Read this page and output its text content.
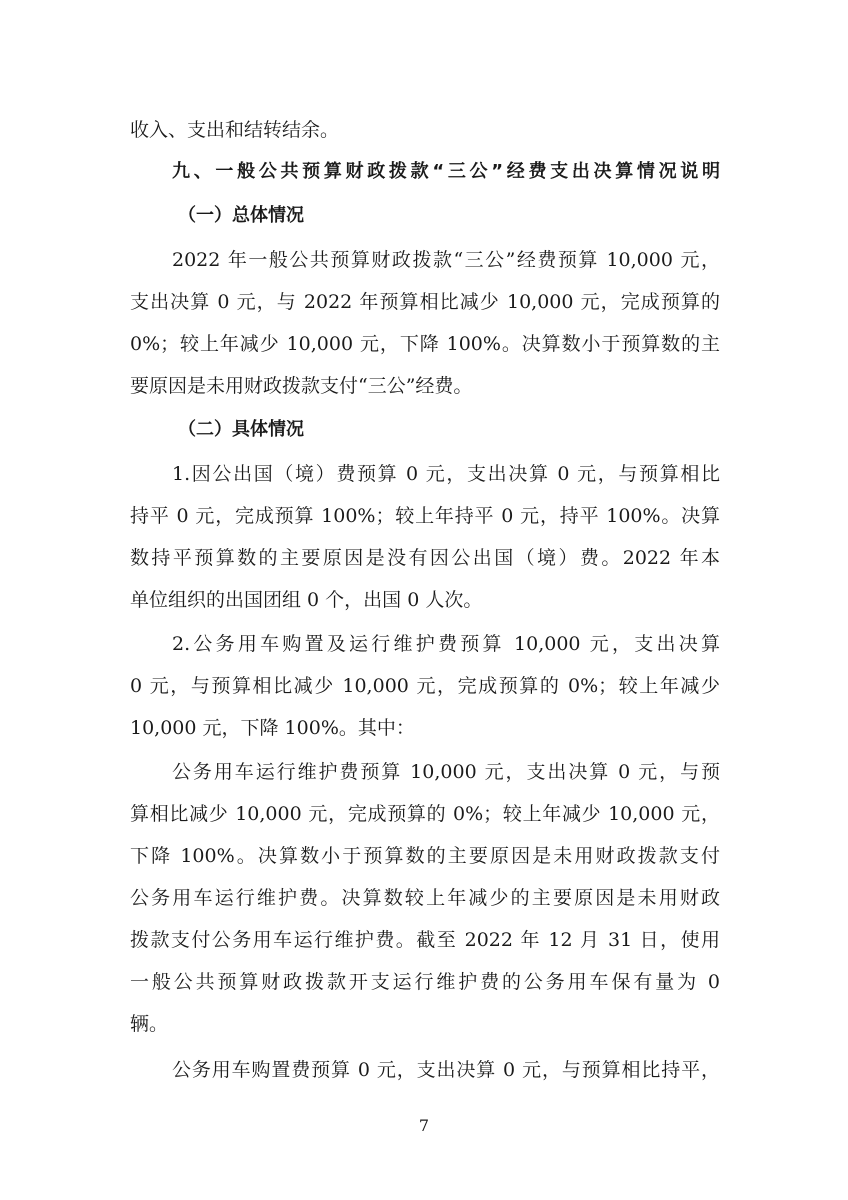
收入、支出和结转结余。
九、一般公共预算财政拨款“三公”经费支出决算情况说明
（一）总体情况
2022 年一般公共预算财政拨款“三公”经费预算 10,000 元，
支出决算 0 元，与 2022 年预算相比减少 10,000 元，完成预算的
0%；较上年减少 10,000 元，下降 100%。决算数小于预算数的主
要原因是未用财政拨款支付“三公”经费。
（二）具体情况
1.因公出国（境）费预算 0 元，支出决算 0 元，与预算相比
持平 0 元，完成预算 100%；较上年持平 0 元，持平 100%。决算
数持平预算数的主要原因是没有因公出国（境）费。2022 年本
单位组织的出国团组 0 个，出国 0 人次。
2.公务用车购置及运行维护费预算 10,000 元，支出决算
0 元，与预算相比减少 10,000 元，完成预算的 0%；较上年减少
10,000 元，下降 100%。其中：
公务用车运行维护费预算 10,000 元，支出决算 0 元，与预
算相比减少 10,000 元，完成预算的 0%；较上年减少 10,000 元，
下降 100%。决算数小于预算数的主要原因是未用财政拨款支付
公务用车运行维护费。决算数较上年减少的主要原因是未用财政
拨款支付公务用车运行维护费。截至 2022 年 12 月 31 日，使用
一般公共预算财政拨款开支运行维护费的公务用车保有量为 0
辆。
公务用车购置费预算 0 元，支出决算 0 元，与预算相比持平，
7
